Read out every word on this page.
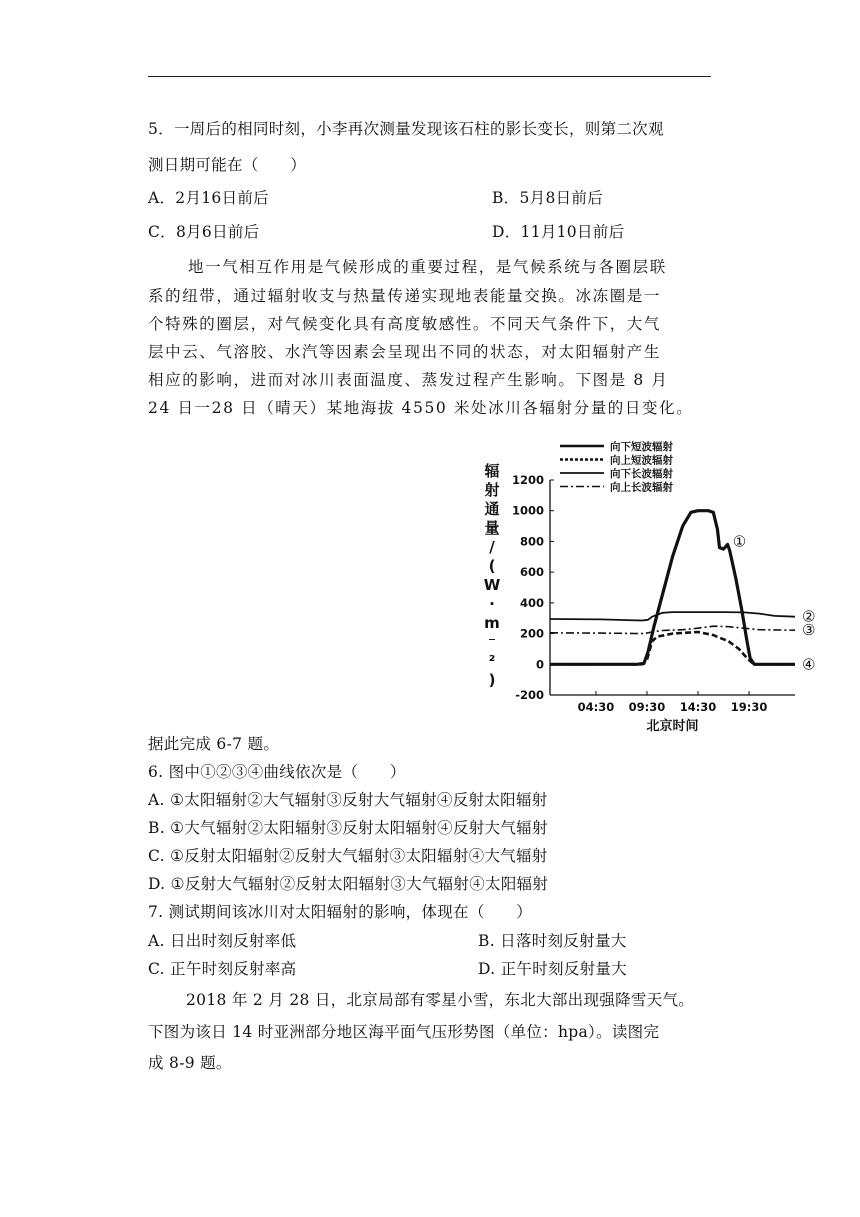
5．一周后的相同时刻，小李再次测量发现该石柱的影长变长，则第二次观
测日期可能在（　　）
A．2月16日前后	B．5月8日前后
C．8月6日前后	D．11月10日前后
地一气相互作用是气候形成的重要过程，是气候系统与各圈层联
系的纽带，通过辐射收支与热量传递实现地表能量交换。冰冻圈是一
个特殊的圈层，对气候变化具有高度敏感性。不同天气条件下，大气
层中云、气溶胶、水汽等因素会呈现出不同的状态，对太阳辐射产生
相应的影响，进而对冰川表面温度、蒸发过程产生影响。下图是 8 月
24 日一28 日（晴天）某地海拔 4550 米处冰川各辐射分量的日变化。
向下短波辐射
向上短波辐射
向下长波辐射
向上长波辐射
辐射通量/ ( W · m ⁻ ² )
-200
0
200
400
600
800
1000
1200
04:30 09:30 14:30 19:30
①
④
②
③
北京时间
据此完成 6-7 题。
6. 图中①②③④曲线依次是（　　）
A. ①太阳辐射②大气辐射③反射大气辐射④反射太阳辐射
B. ①大气辐射②太阳辐射③反射太阳辐射④反射大气辐射
C. ①反射太阳辐射②反射大气辐射③太阳辐射④大气辐射
D. ①反射大气辐射②反射太阳辐射③大气辐射④太阳辐射
7. 测试期间该冰川对太阳辐射的影响，体现在（　　）
A. 日出时刻反射率低	B. 日落时刻反射量大
C. 正午时刻反射率高	D. 正午时刻反射量大
2018 年 2 月 28 日，北京局部有零星小雪，东北大部出现强降雪天气。
下图为该日 14 时亚洲部分地区海平面气压形势图（单位：hpa）。读图完
成 8-9 题。
